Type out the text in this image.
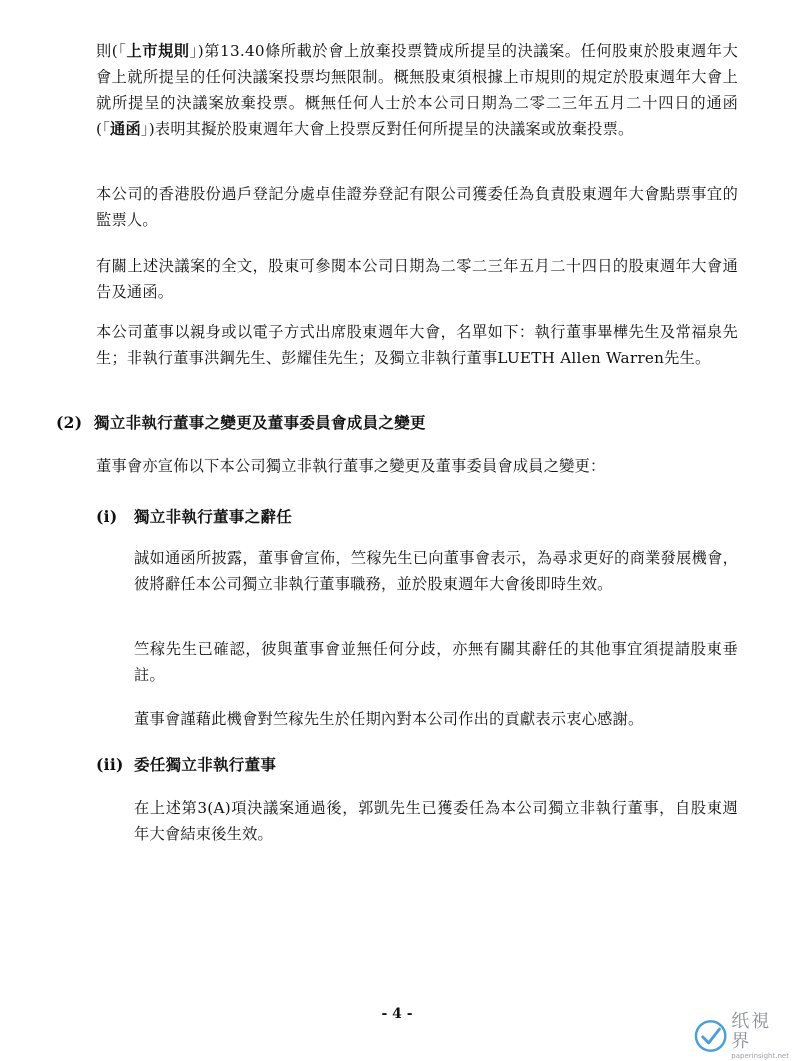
則(「上市規則」)第13.40條所載於會上放棄投票贊成所提呈的決議案。任何股東於股東週年大會上就所提呈的任何決議案投票均無限制。概無股東須根據上市規則的規定於股東週年大會上就所提呈的決議案放棄投票。概無任何人士於本公司日期為二零二三年五月二十四日的通函(「通函」)表明其擬於股東週年大會上投票反對任何所提呈的決議案或放棄投票。

本公司的香港股份過戶登記分處卓佳證券登記有限公司獲委任為負責股東週年大會點票事宜的監票人。

有關上述決議案的全文，股東可參閱本公司日期為二零二三年五月二十四日的股東週年大會通告及通函。

本公司董事以親身或以電子方式出席股東週年大會，名單如下：執行董事畢樺先生及常福泉先生；非執行董事洪鋼先生、彭耀佳先生；及獨立非執行董事LUETH Allen Warren先生。

(2) 獨立非執行董事之變更及董事委員會成員之變更

董事會亦宣佈以下本公司獨立非執行董事之變更及董事委員會成員之變更：

(i) 獨立非執行董事之辭任

誠如通函所披露，董事會宣佈，竺稼先生已向董事會表示，為尋求更好的商業發展機會，彼將辭任本公司獨立非執行董事職務，並於股東週年大會後即時生效。

竺稼先生已確認，彼與董事會並無任何分歧，亦無有關其辭任的其他事宜須提請股東垂註。

董事會謹藉此機會對竺稼先生於任期內對本公司作出的貢獻表示衷心感謝。

(ii) 委任獨立非執行董事

在上述第3(A)項決議案通過後，郭凱先生已獲委任為本公司獨立非執行董事，自股東週年大會結束後生效。

- 4 -	纸視界
paperinsight.net
